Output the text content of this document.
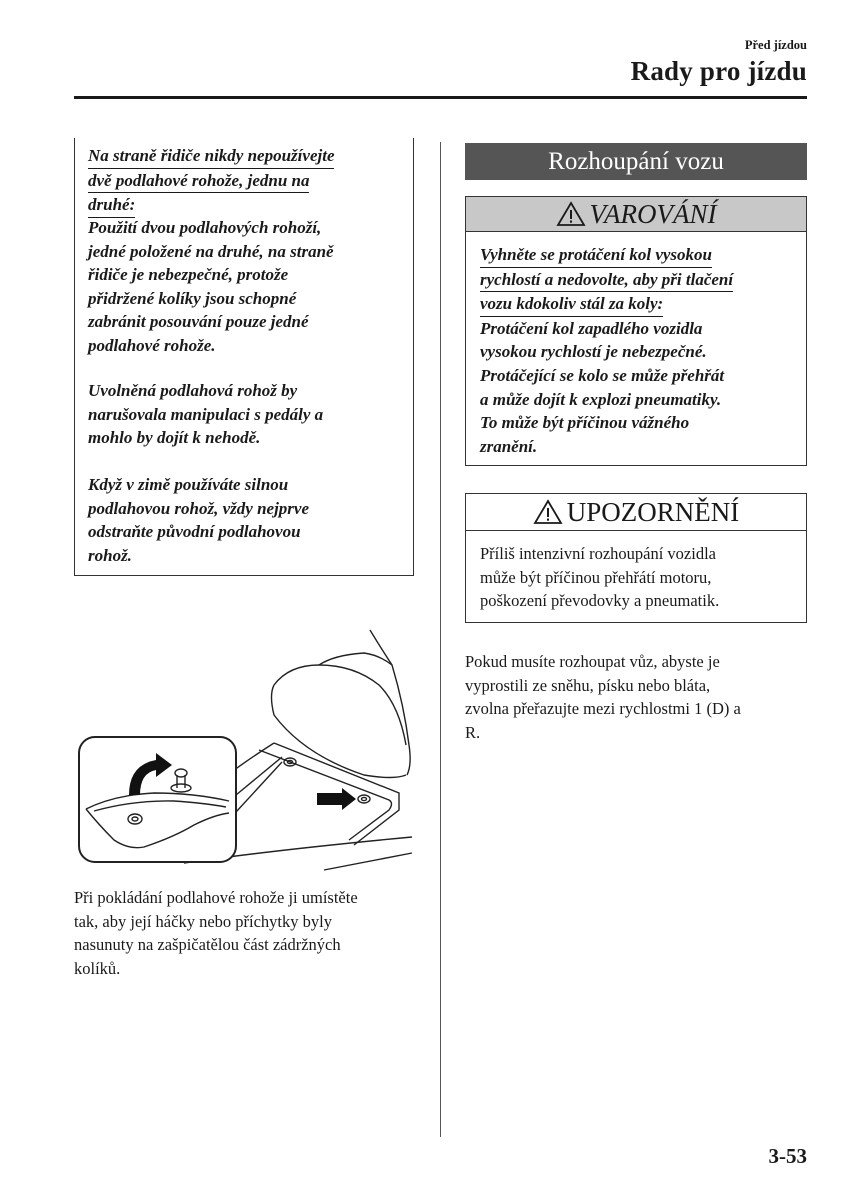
Před jízdou
Rady pro jízdu
Na straně řidiče nikdy nepoužívejte
dvě podlahové rohože, jednu na
druhé:
Použití dvou podlahových rohoží,
jedné položené na druhé, na straně
řidiče je nebezpečné, protože
přidržené kolíky jsou schopné
zabránit posouvání pouze jedné
podlahové rohože.
Uvolněná podlahová rohož by
narušovala manipulaci s pedály a
mohlo by dojít k nehodě.
Když v zimě používáte silnou
podlahovou rohož, vždy nejprve
odstraňte původní podlahovou
rohož.
Při pokládání podlahové rohože ji umístěte
tak, aby její háčky nebo příchytky byly
nasunuty na zašpičatělou část zádržných
kolíků.
Rozhoupání vozu
VAROVÁNÍ
Vyhněte se protáčení kol vysokou
rychlostí a nedovolte, aby při tlačení
vozu kdokoliv stál za koly:
Protáčení kol zapadlého vozidla
vysokou rychlostí je nebezpečné.
Protáčející se kolo se může přehřát
a může dojít k explozi pneumatiky.
To může být příčinou vážného
zranění.
UPOZORNĚNÍ
Příliš intenzivní rozhoupání vozidla
může být příčinou přehřátí motoru,
poškození převodovky a pneumatik.
Pokud musíte rozhoupat vůz, abyste je
vyprostili ze sněhu, písku nebo bláta,
zvolna přeřazujte mezi rychlostmi 1 (D) a
R.
3-53
